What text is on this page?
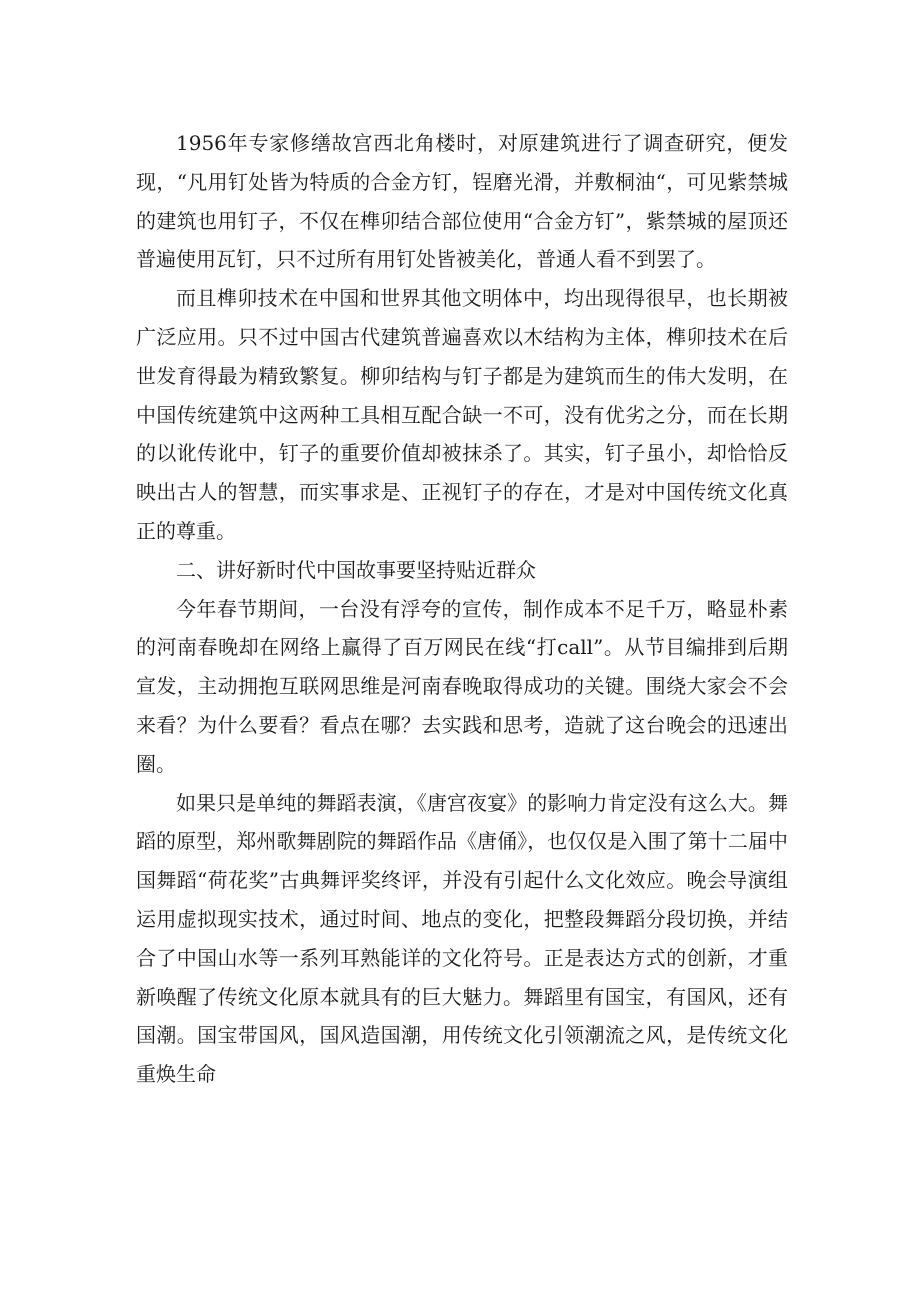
1956年专家修缮故宫西北角楼时，对原建筑进行了调查研究，便发现，“凡用钉处皆为特质的合金方钉，锃磨光滑，并敷桐油“，可见紫禁城的建筑也用钉子，不仅在榫卯结合部位使用“合金方钉”，紫禁城的屋顶还普遍使用瓦钉，只不过所有用钉处皆被美化，普通人看不到罢了。

而且榫卯技术在中国和世界其他文明体中，均出现得很早，也长期被广泛应用。只不过中国古代建筑普遍喜欢以木结构为主体，榫卯技术在后世发育得最为精致繁复。柳卯结构与钉子都是为建筑而生的伟大发明，在中国传统建筑中这两种工具相互配合缺一不可，没有优劣之分，而在长期的以讹传讹中，钉子的重要价值却被抹杀了。其实，钉子虽小，却恰恰反映出古人的智慧，而实事求是、正视钉子的存在，才是对中国传统文化真正的尊重。

二、讲好新时代中国故事要坚持贴近群众

今年春节期间，一台没有浮夸的宣传，制作成本不足千万，略显朴素的河南春晚却在网络上赢得了百万网民在线“打call”。从节目编排到后期宣发，主动拥抱互联网思维是河南春晚取得成功的关键。围绕大家会不会来看？为什么要看？看点在哪？去实践和思考，造就了这台晚会的迅速出圈。

如果只是单纯的舞蹈表演，《唐宫夜宴》的影响力肯定没有这么大。舞蹈的原型，郑州歌舞剧院的舞蹈作品《唐俑》，也仅仅是入围了第十二届中国舞蹈“荷花奖”古典舞评奖终评，并没有引起什么文化效应。晚会导演组运用虚拟现实技术，通过时间、地点的变化，把整段舞蹈分段切换，并结合了中国山水等一系列耳熟能详的文化符号。正是表达方式的创新，才重新唤醒了传统文化原本就具有的巨大魅力。舞蹈里有国宝，有国风，还有国潮。国宝带国风，国风造国潮，用传统文化引领潮流之风，是传统文化重焕生命
